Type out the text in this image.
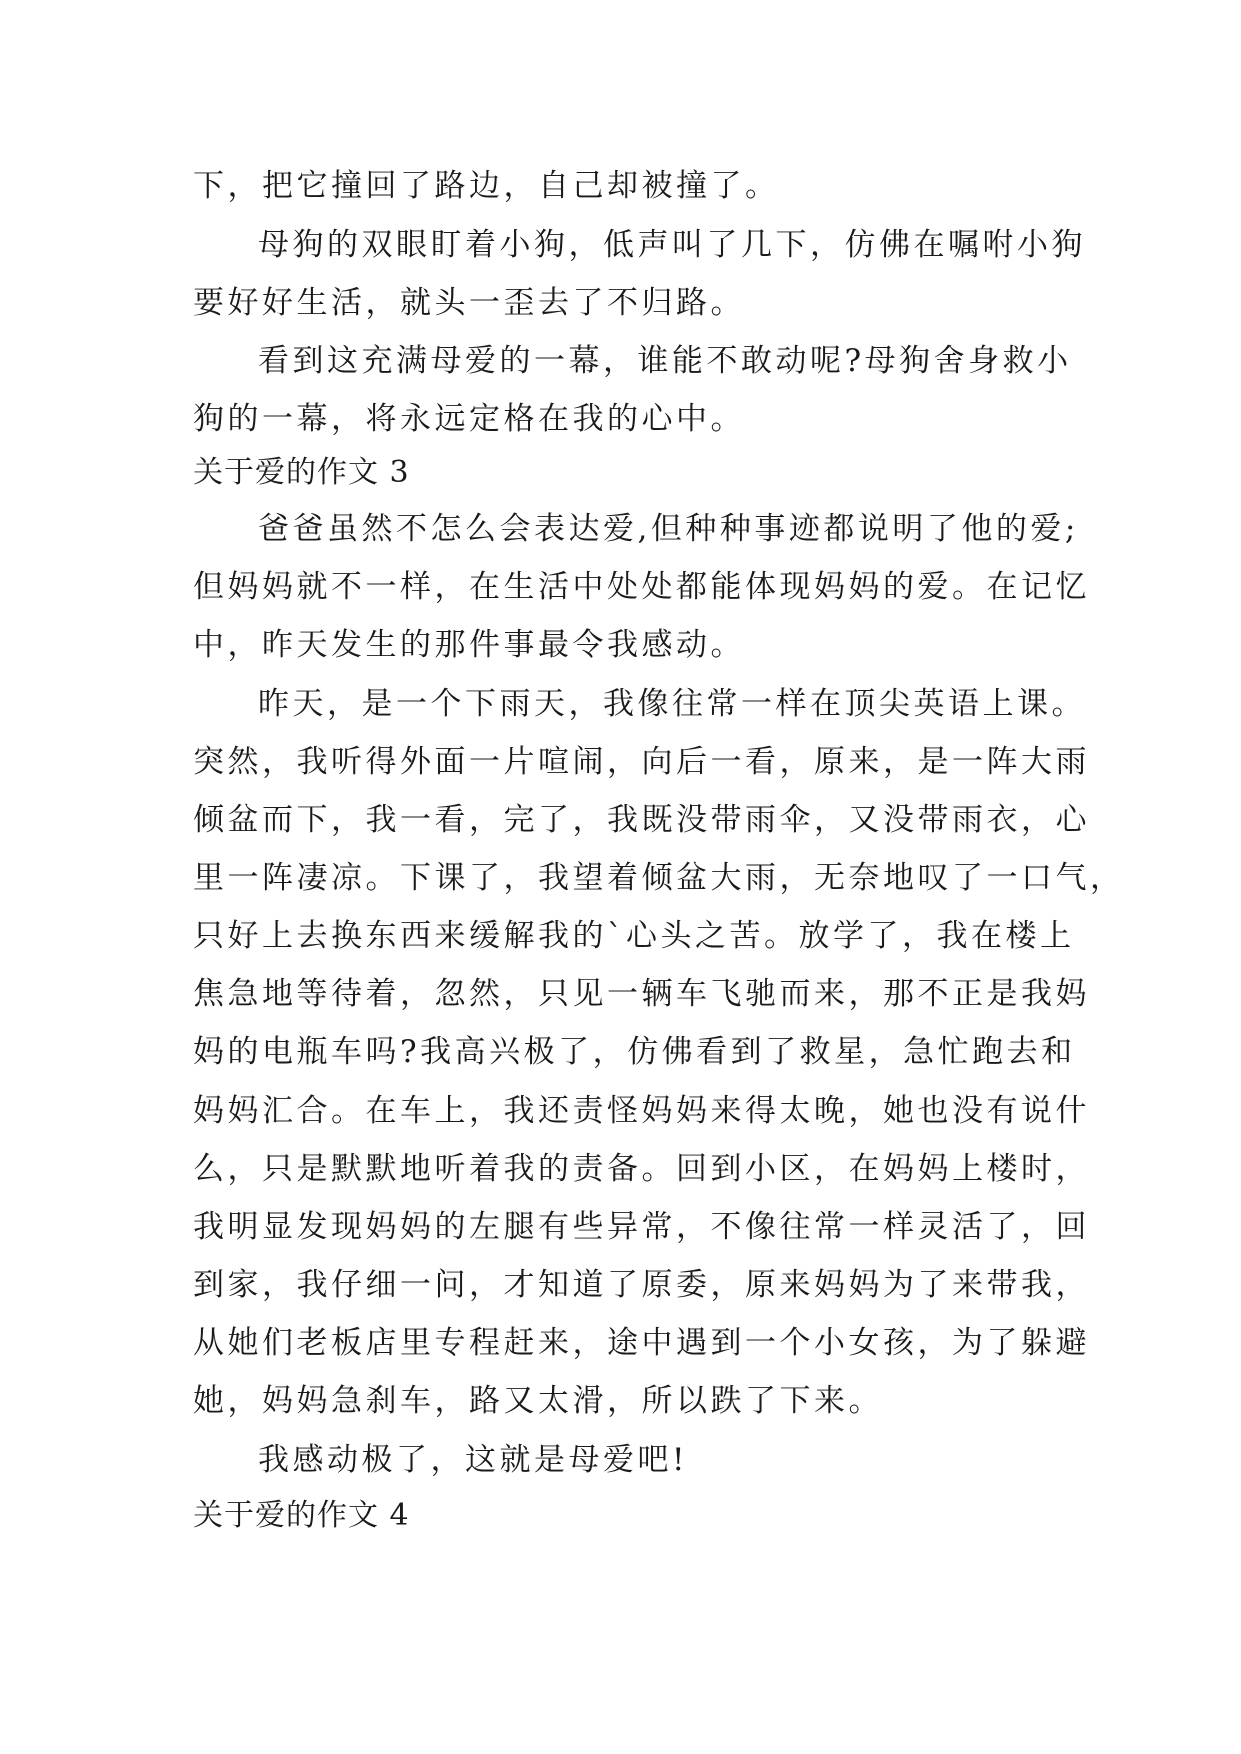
下，把它撞回了路边，自己却被撞了。
母狗的双眼盯着小狗，低声叫了几下，仿佛在嘱咐小狗
要好好生活，就头一歪去了不归路。
看到这充满母爱的一幕，谁能不敢动呢?母狗舍身救小
狗的一幕，将永远定格在我的心中。
关于爱的作文 3
爸爸虽然不怎么会表达爱,但种种事迹都说明了他的爱;
但妈妈就不一样，在生活中处处都能体现妈妈的爱。在记忆
中，昨天发生的那件事最令我感动。
昨天，是一个下雨天，我像往常一样在顶尖英语上课。
突然，我听得外面一片喧闹，向后一看，原来，是一阵大雨
倾盆而下，我一看，完了，我既没带雨伞，又没带雨衣，心
里一阵凄凉。下课了，我望着倾盆大雨，无奈地叹了一口气，
只好上去换东西来缓解我的`心头之苦。放学了，我在楼上
焦急地等待着，忽然，只见一辆车飞驰而来，那不正是我妈
妈的电瓶车吗?我高兴极了，仿佛看到了救星，急忙跑去和
妈妈汇合。在车上，我还责怪妈妈来得太晚，她也没有说什
么，只是默默地听着我的责备。回到小区，在妈妈上楼时，
我明显发现妈妈的左腿有些异常，不像往常一样灵活了，回
到家，我仔细一问，才知道了原委，原来妈妈为了来带我，
从她们老板店里专程赶来，途中遇到一个小女孩，为了躲避
她，妈妈急刹车，路又太滑，所以跌了下来。
我感动极了，这就是母爱吧!
关于爱的作文 4
